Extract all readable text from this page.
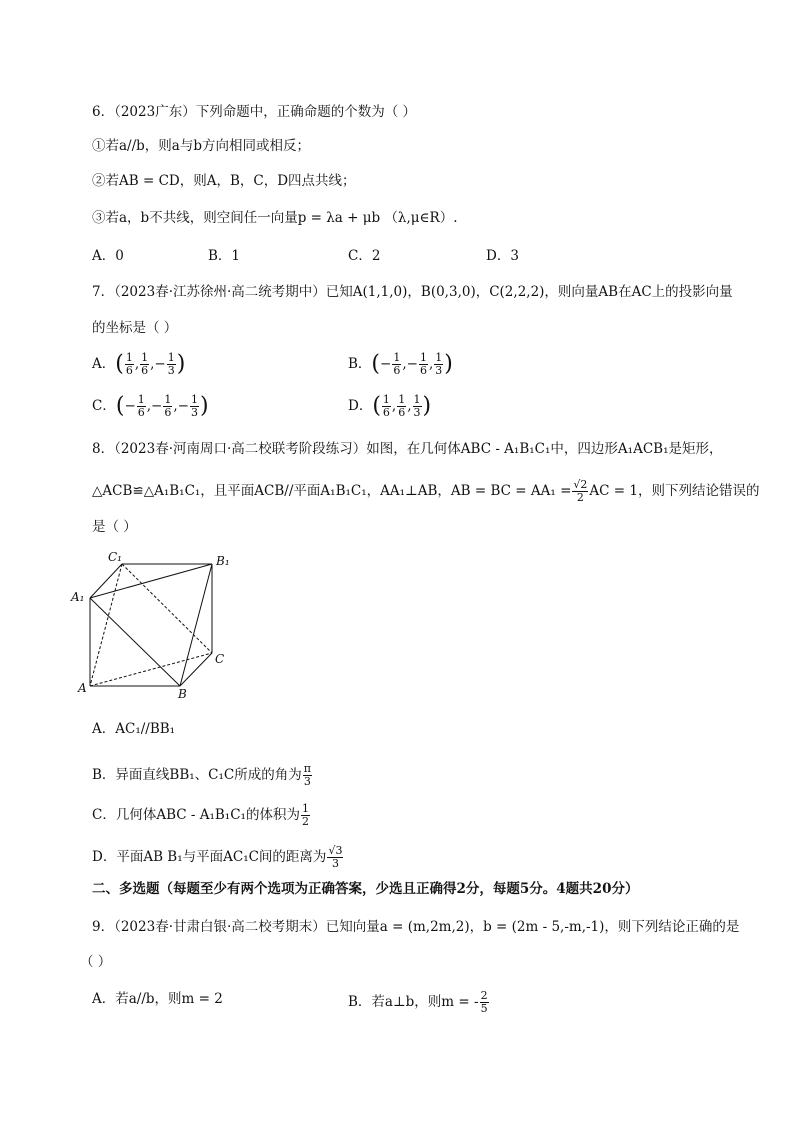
6．（2023广东）下列命题中，正确命题的个数为（ ）
①若a//b，则a与b方向相同或相反；
②若AB = CD，则A，B，C，D四点共线；
③若a，b不共线，则空间任一向量p = λa + μb （λ,μ∈R）.
A．0	B．1	C．2	D．3
7．（2023春·江苏徐州·高二统考期中）已知A(1,1,0)，B(0,3,0)，C(2,2,2)，则向量AB在AC上的投影向量
的坐标是（ ）
A．( $\frac{1}{6}$ , $\frac{1}{6}$ ,− $\frac{1}{3}$ )	B．(− $\frac{1}{6}$ ,− $\frac{1}{6}$ , $\frac{1}{3}$ )
C．(− $\frac{1}{6}$ ,− $\frac{1}{6}$ ,− $\frac{1}{3}$ )	D．( $\frac{1}{6}$ , $\frac{1}{6}$ , $\frac{1}{3}$ )
8．（2023春·河南周口·高二校联考阶段练习）如图，在几何体ABC - A₁B₁C₁中，四边形A₁ACB₁是矩形，
△ACB≌△A₁B₁C₁，且平面ACB//平面A₁B₁C₁，AA₁⊥AB，AB = BC = $AA_1 = \frac{√2}{2}$ AC = 1，则下列结论错误的
是（ ）
C₁	B₁
A₁
C
A	B
A．AC₁//BB₁
B．异面直线BB₁、C₁C所成的角为 $\frac{\pi}{3}$
C．几何体ABC - A₁B₁C₁的体积为 $\frac{1}{2}$
D．平面AB B₁与平面AC₁C间的距离为 $\frac{√3}{3}$
二、多选题（每题至少有两个选项为正确答案，少选且正确得2分，每题5分。4题共20分）
9．（2023春·甘肃白银·高二校考期末）已知向量a = (m,2m,2)，b = (2m - 5,-m,-1)，则下列结论正确的是
（ ）
A．若a//b，则m = 2	B．若a⊥b，则m = - $\frac{2}{5}$
